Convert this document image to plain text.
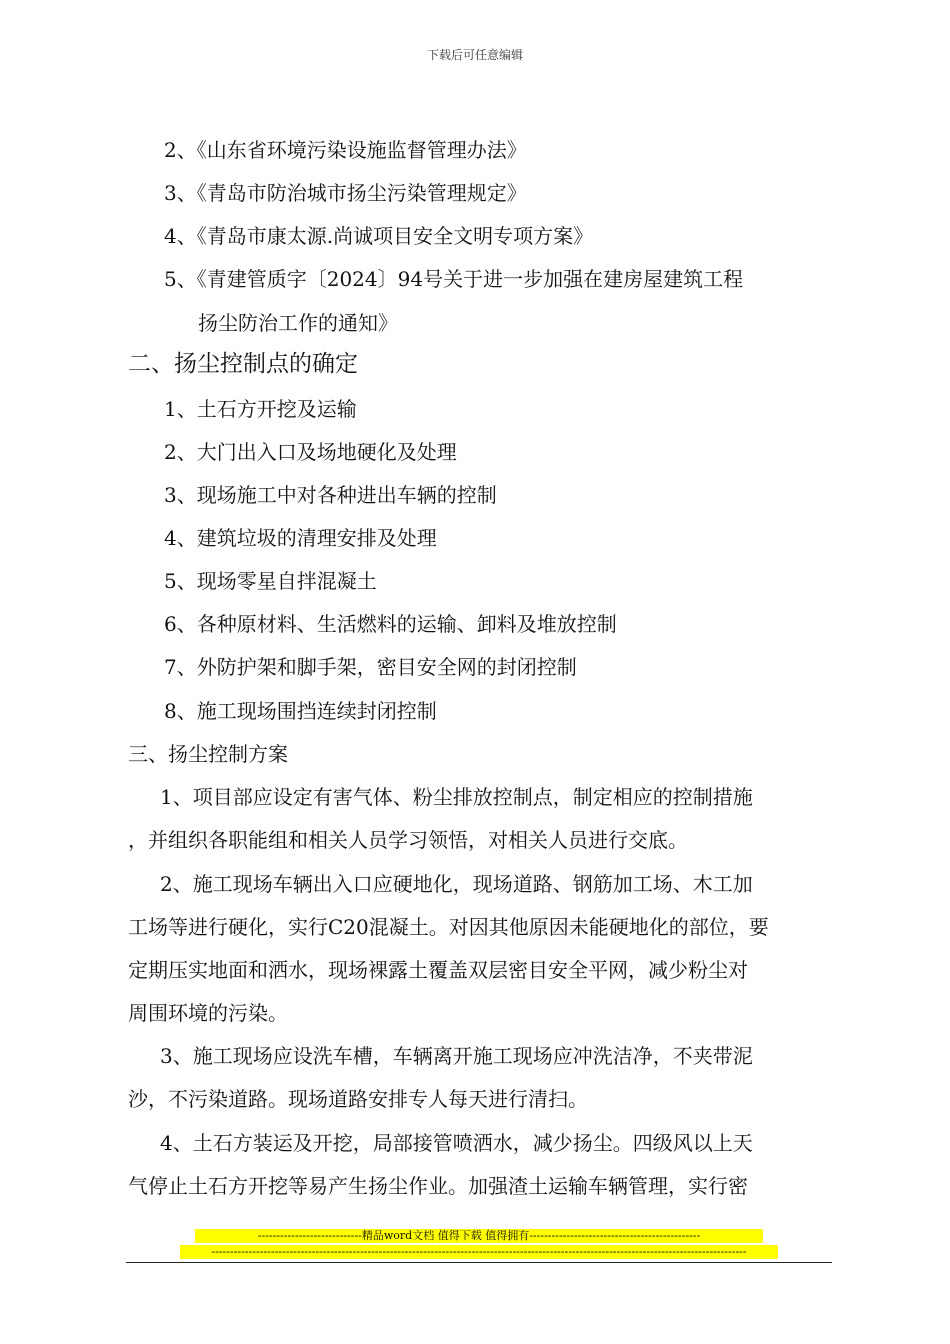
下载后可任意编辑
2、《山东省环境污染设施监督管理办法》
3、《青岛市防治城市扬尘污染管理规定》
4、《青岛市康太源.尚诚项目安全文明专项方案》
5、《青建管质字〔2024〕94号关于进一步加强在建房屋建筑工程
扬尘防治工作的通知》
二、扬尘控制点的确定
1、土石方开挖及运输
2、大门出入口及场地硬化及处理
3、现场施工中对各种进出车辆的控制
4、建筑垃圾的清理安排及处理
5、现场零星自拌混凝土
6、各种原材料、生活燃料的运输、卸料及堆放控制
7、外防护架和脚手架，密目安全网的封闭控制
8、施工现场围挡连续封闭控制
三、扬尘控制方案
1、项目部应设定有害气体、粉尘排放控制点，制定相应的控制措施
，并组织各职能组和相关人员学习领悟，对相关人员进行交底。
2、施工现场车辆出入口应硬地化，现场道路、钢筋加工场、木工加
工场等进行硬化，实行C20混凝土。对因其他原因未能硬地化的部位，要
定期压实地面和洒水，现场裸露土覆盖双层密目安全平网，减少粉尘对
周围环境的污染。
3、施工现场应设洗车槽，车辆离开施工现场应冲洗洁净，不夹带泥
沙，不污染道路。现场道路安排专人每天进行清扫。
4、土石方装运及开挖，局部接管喷洒水，减少扬尘。四级风以上天
气停止土石方开挖等易产生扬尘作业。加强渣土运输车辆管理，实行密
----------------------------精品word文档 值得下载 值得拥有----------------------------------------------
------------------------------------------------------------------------------------------------------------------------------------------------
